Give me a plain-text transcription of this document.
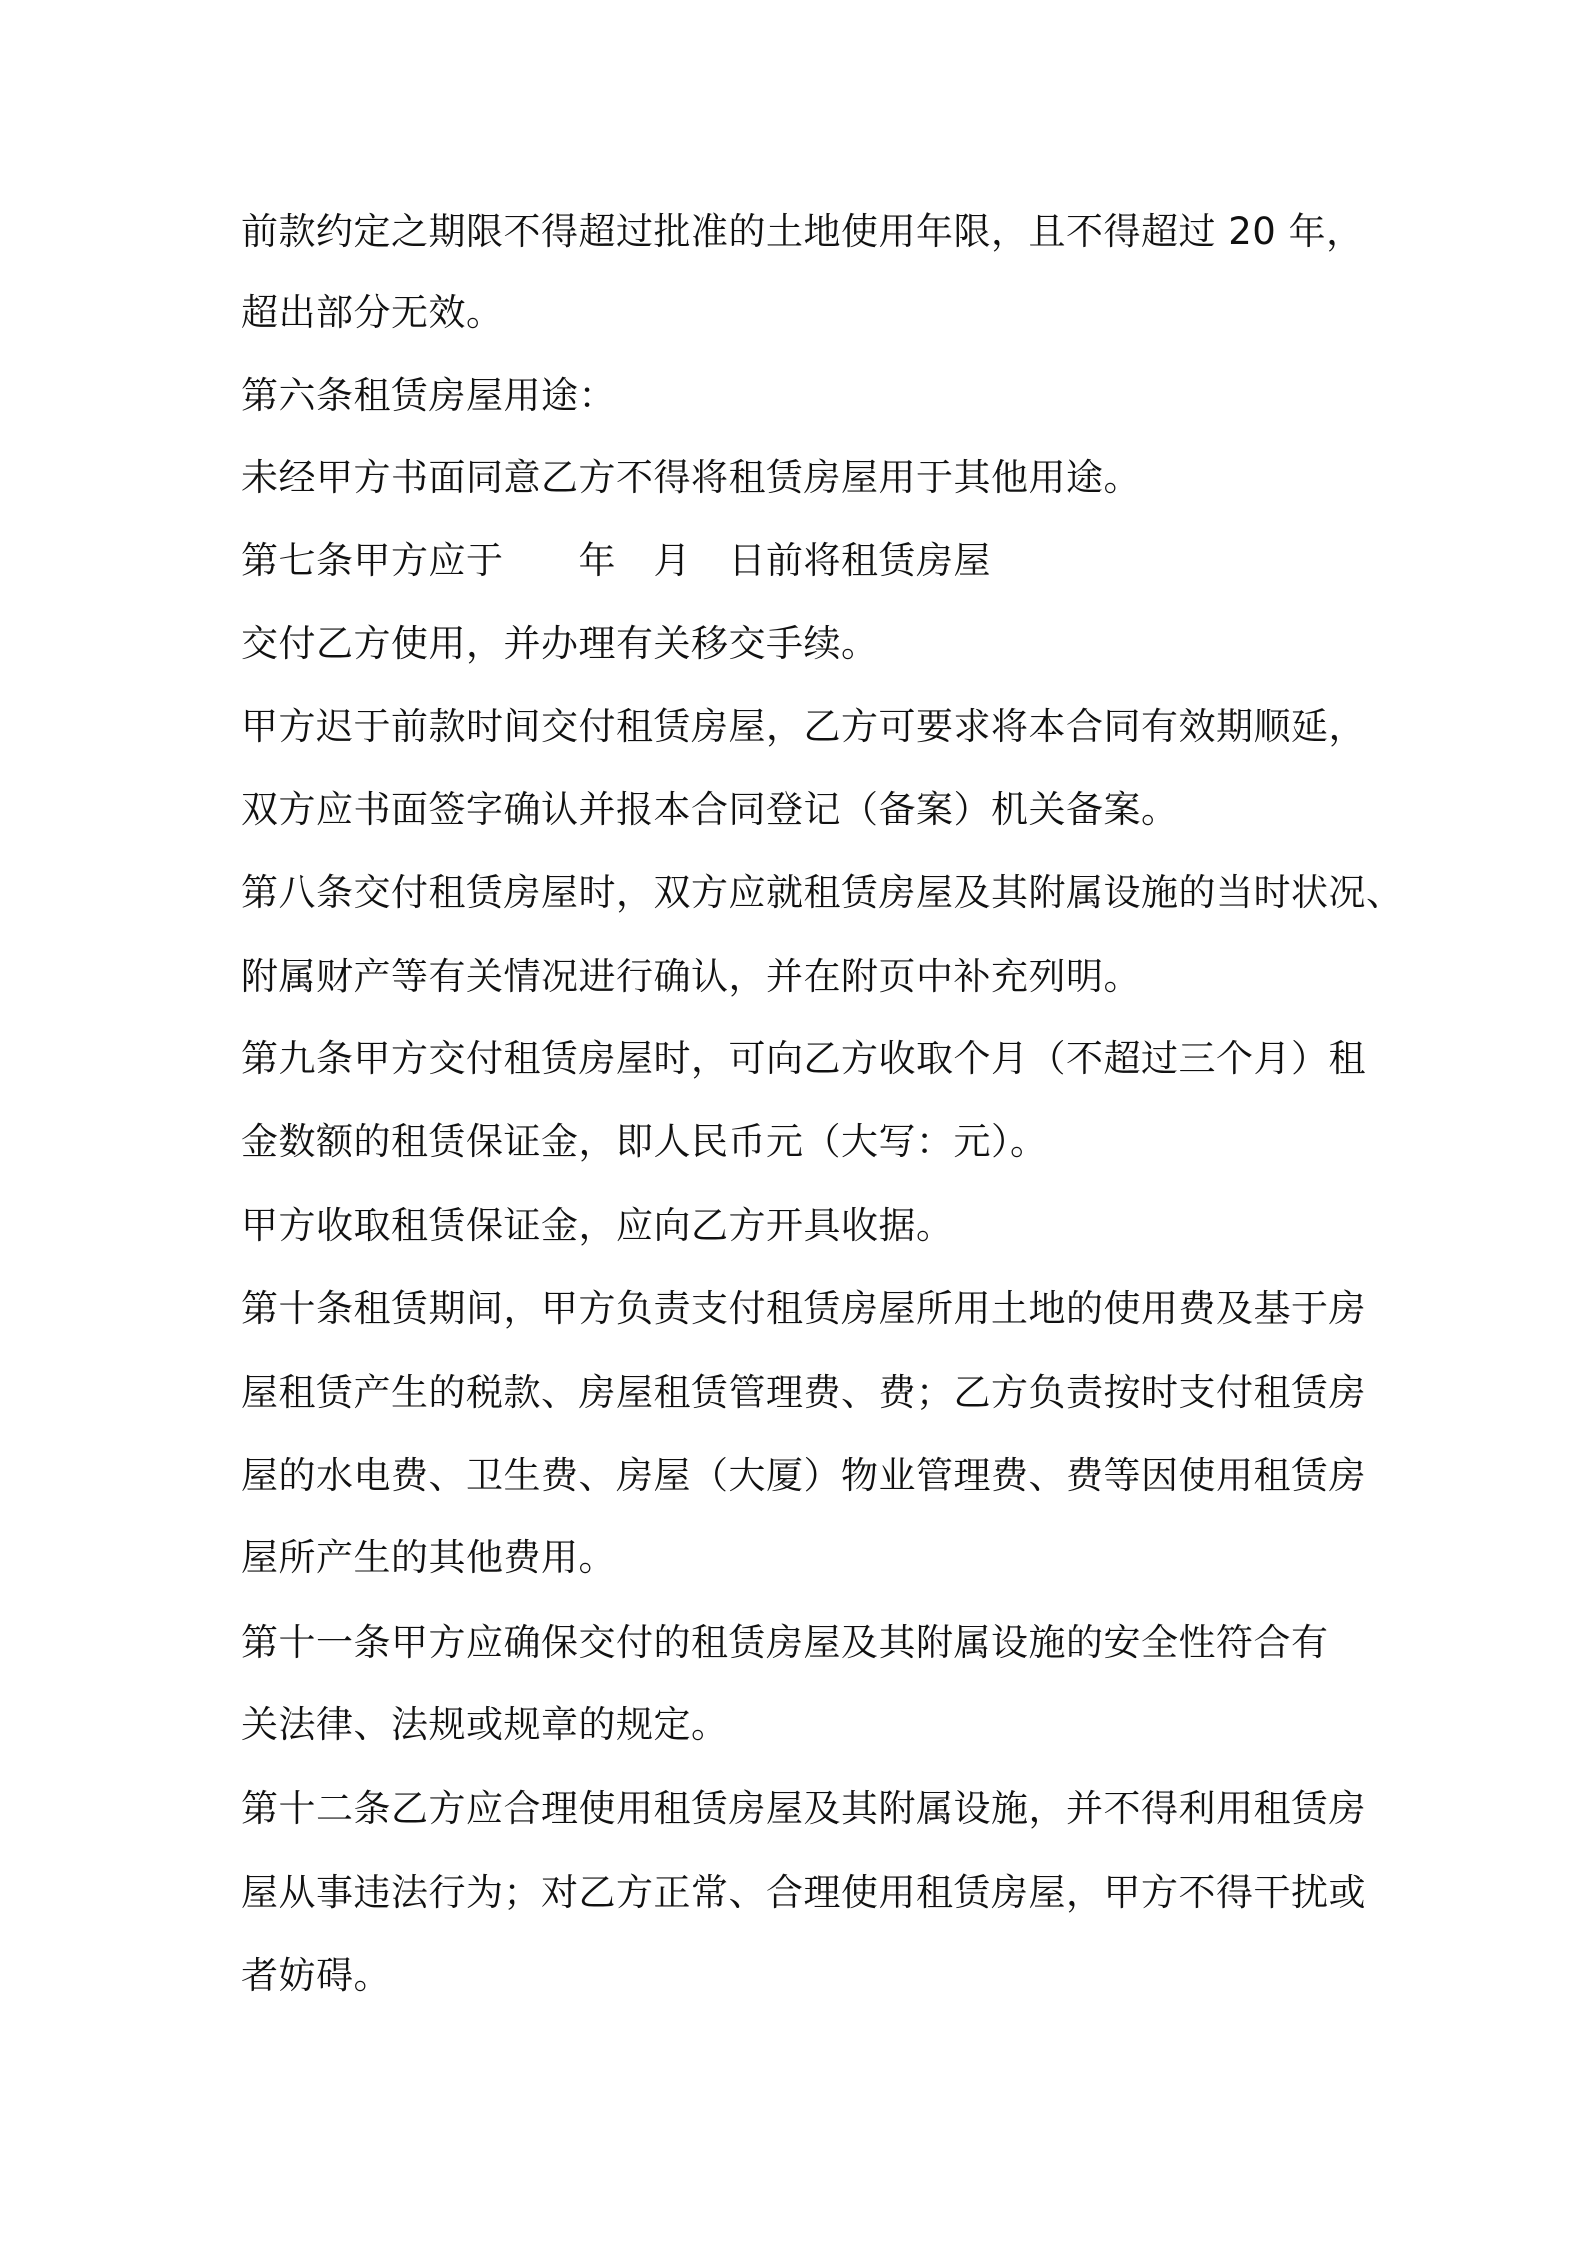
前款约定之期限不得超过批准的土地使用年限，且不得超过 20 年，
超出部分无效。
第六条租赁房屋用途：
未经甲方书面同意乙方不得将租赁房屋用于其他用途。
第七条甲方应于　　年　月　日前将租赁房屋
交付乙方使用，并办理有关移交手续。
甲方迟于前款时间交付租赁房屋，乙方可要求将本合同有效期顺延，
双方应书面签字确认并报本合同登记（备案）机关备案。
第八条交付租赁房屋时，双方应就租赁房屋及其附属设施的当时状况、
附属财产等有关情况进行确认，并在附页中补充列明。
第九条甲方交付租赁房屋时，可向乙方收取个月（不超过三个月）租
金数额的租赁保证金，即人民币元（大写：元）。
甲方收取租赁保证金，应向乙方开具收据。
第十条租赁期间，甲方负责支付租赁房屋所用土地的使用费及基于房
屋租赁产生的税款、房屋租赁管理费、费；乙方负责按时支付租赁房
屋的水电费、卫生费、房屋（大厦）物业管理费、费等因使用租赁房
屋所产生的其他费用。
第十一条甲方应确保交付的租赁房屋及其附属设施的安全性符合有
关法律、法规或规章的规定。
第十二条乙方应合理使用租赁房屋及其附属设施，并不得利用租赁房
屋从事违法行为；对乙方正常、合理使用租赁房屋，甲方不得干扰或
者妨碍。
